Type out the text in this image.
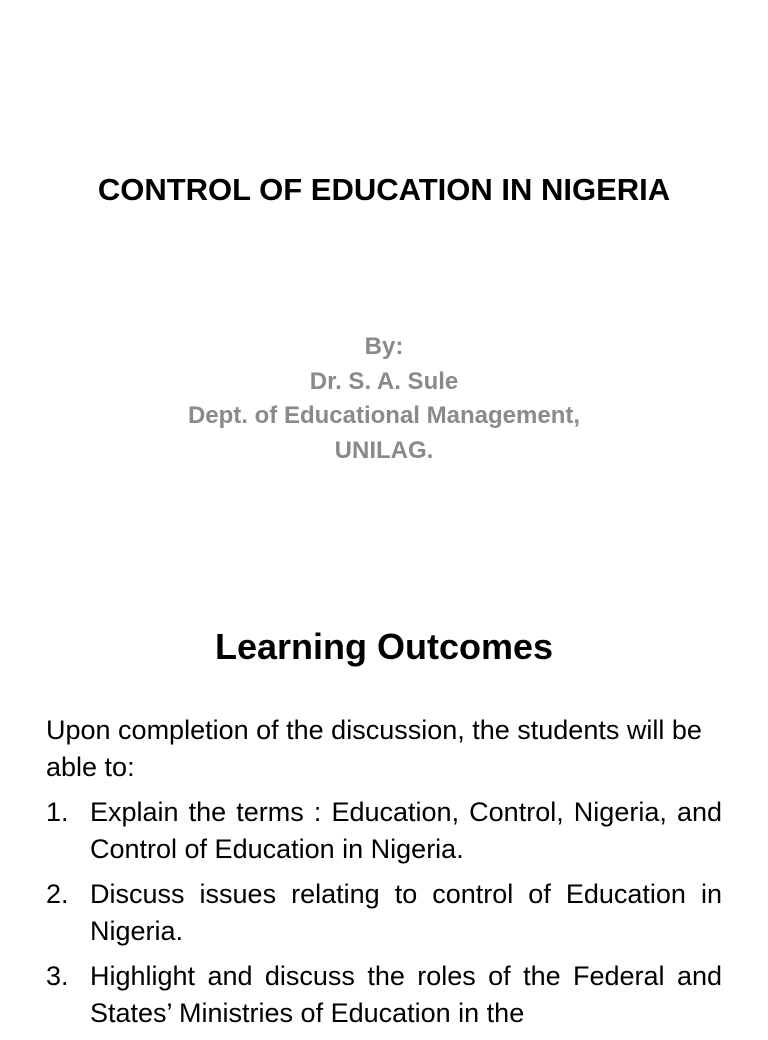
CONTROL OF EDUCATION IN NIGERIA
By:
Dr. S. A. Sule
Dept. of Educational Management,
UNILAG.
Learning Outcomes
Upon completion of the discussion, the students will be able to:
1. Explain the terms : Education, Control, Nigeria, and Control of Education in Nigeria.
2. Discuss issues relating to control of Education in Nigeria.
3. Highlight and discuss the roles of the Federal and States’ Ministries of Education in the
